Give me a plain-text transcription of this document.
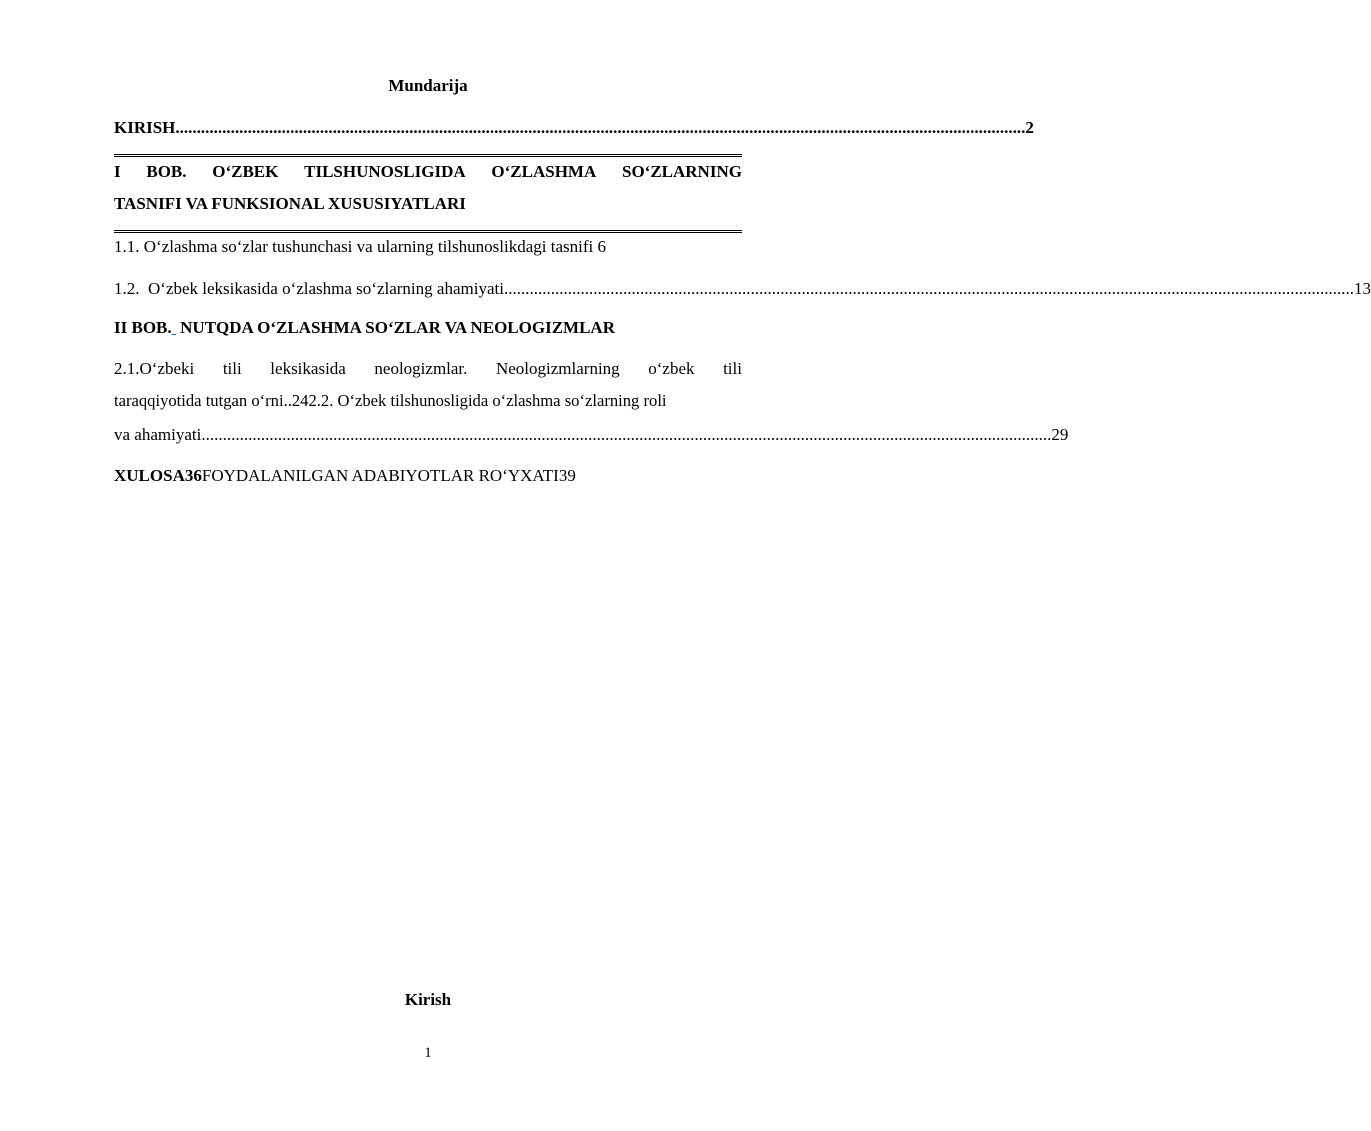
Mundarija
KIRISH ........................................................................................................................................................................................................ 2
I BOB. O‘ZBEK TILSHUNOSLIGIDA O‘ZLASHMA SO‘ZLARNING
TASNIFI VA FUNKSIONAL XUSUSIYATLARI
1.1. O‘zlashma so‘zlar tushunchasi va ularning tilshunoslikdagi tasnifi 6
1.2.  O‘zbek leksikasida o‘zlashma so‘zlarning ahamiyati ........................................................................................................................................................................................................ 13
II BOB.  NUTQDA O‘ZLASHMA SO‘ZLAR VA NEOLOGIZMLAR
2.1.O‘zbeki tili leksikasida neologizmlar. Neologizmlarning o‘zbek tili
taraqqiyotida tutgan o‘rni..242.2. O‘zbek tilshunosligida o‘zlashma so‘zlarning roli
va ahamiyati ........................................................................................................................................................................................................ 29
XULOSA36FOYDALANILGAN ADABIYOTLAR RO‘YXATI39
Kirish
1
